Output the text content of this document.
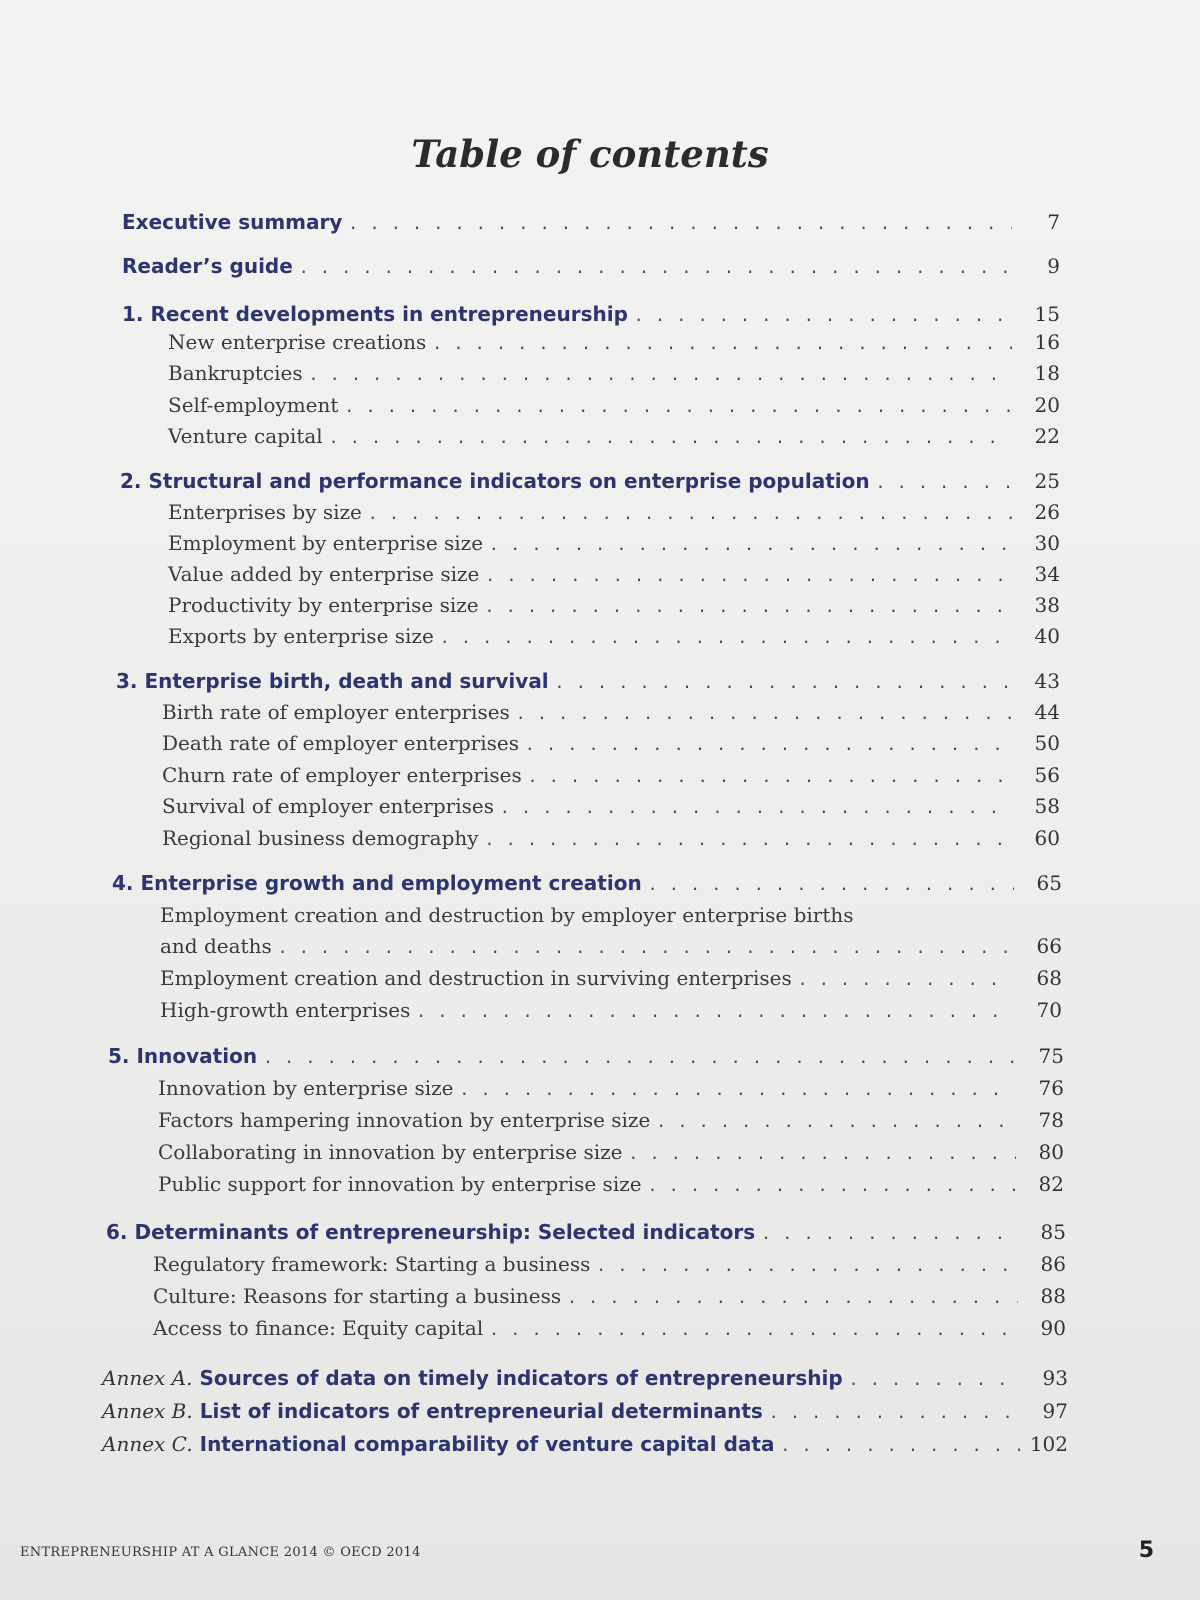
Table of contents
Executive summary . . .	7
Reader’s guide . . .	9
1. Recent developments in entrepreneurship . . .	15
New enterprise creations . . .	16
Bankruptcies . . .	18
Self-employment . . .	20
Venture capital . . .	22
2. Structural and performance indicators on enterprise population . . .	25
Enterprises by size . . .	26
Employment by enterprise size . . .	30
Value added by enterprise size . . .	34
Productivity by enterprise size . . .	38
Exports by enterprise size . . .	40
3. Enterprise birth, death and survival . . .	43
Birth rate of employer enterprises . . .	44
Death rate of employer enterprises . . .	50
Churn rate of employer enterprises . . .	56
Survival of employer enterprises . . .	58
Regional business demography . . .	60
4. Enterprise growth and employment creation . . .	65
Employment creation and destruction by employer enterprise births
and deaths . . .	66
Employment creation and destruction in surviving enterprises . . .	68
High-growth enterprises . . .	70
5. Innovation . . .	75
Innovation by enterprise size . . .	76
Factors hampering innovation by enterprise size . . .	78
Collaborating in innovation by enterprise size . . .	80
Public support for innovation by enterprise size . . .	82
6. Determinants of entrepreneurship: Selected indicators . . .	85
Regulatory framework: Starting a business . . .	86
Culture: Reasons for starting a business . . .	88
Access to finance: Equity capital . . .	90
Annex A. Sources of data on timely indicators of entrepreneurship . . .	93
Annex B. List of indicators of entrepreneurial determinants . . .	97
Annex C. International comparability of venture capital data . . .	102
ENTREPRENEURSHIP AT A GLANCE 2014 © OECD 2014	5
